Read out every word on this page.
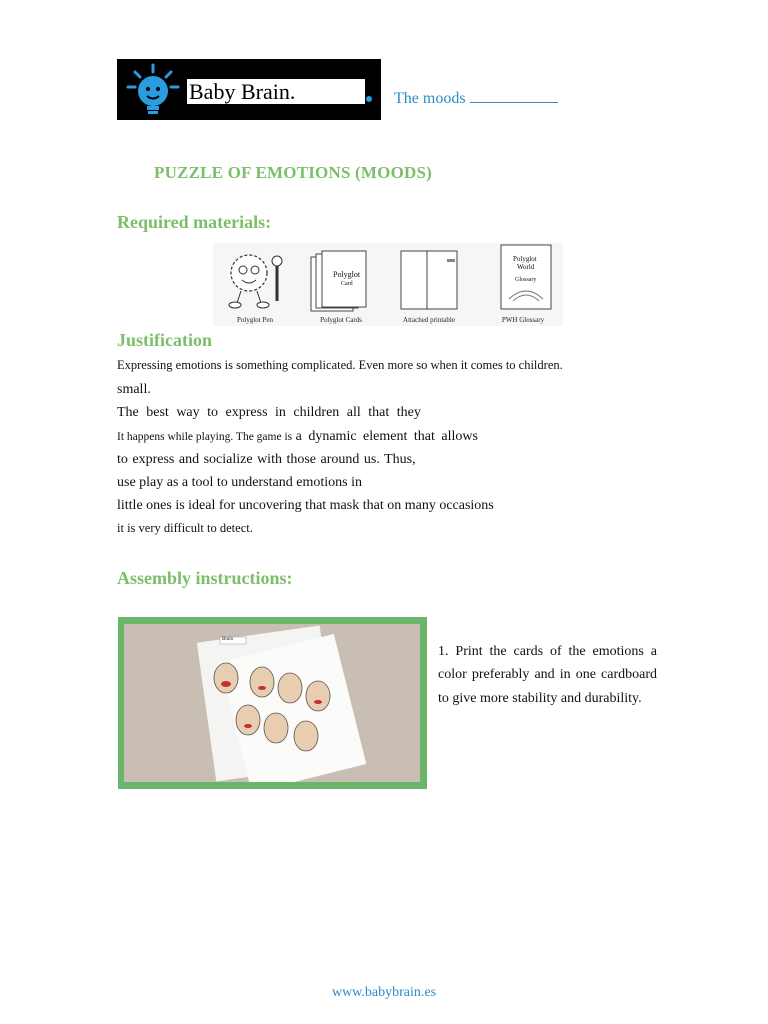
Baby Brain.	The moods
PUZZLE OF EMOTIONS (MOODS)
Required materials:
Polyglot Pen
Polyglot
Card
Polyglot Cards	Attached printable
Polyglot
World
Glossary
PWH Glossary
Justification
Expressing emotions is something complicated. Even more so when it comes to children.
small.
The best way to express in children all that they
It happens while playing. The game is a dynamic element that allows
to express and socialize with those around us. Thus,
use play as a tool to understand emotions in
little ones is ideal for uncovering that mask that on many occasions
it is very difficult to detect.
Assembly instructions:
Brain
1. Print the cards of the emotions a color preferably and in one cardboard to give more stability and durability.
www.babybrain.es
